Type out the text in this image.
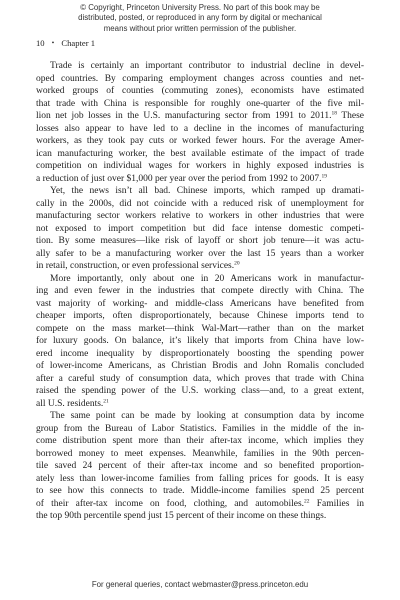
© Copyright, Princeton University Press. No part of this book may be
distributed, posted, or reproduced in any form by digital or mechanical
means without prior written permission of the publisher.
10 • Chapter 1
Trade is certainly an important contributor to industrial decline in devel-
oped countries. By comparing employment changes across counties and net-
worked groups of counties (commuting zones), economists have estimated
that trade with China is responsible for roughly one-quarter of the five mil-
lion net job losses in the U.S. manufacturing sector from 1991 to 2011.18 These
losses also appear to have led to a decline in the incomes of manufacturing
workers, as they took pay cuts or worked fewer hours. For the average Amer-
ican manufacturing worker, the best available estimate of the impact of trade
competition on individual wages for workers in highly exposed industries is
a reduction of just over $1,000 per year over the period from 1992 to 2007.19
Yet, the news isn’t all bad. Chinese imports, which ramped up dramati-
cally in the 2000s, did not coincide with a reduced risk of unemployment for
manufacturing sector workers relative to workers in other industries that were
not exposed to import competition but did face intense domestic competi-
tion. By some measures—like risk of layoff or short job tenure—it was actu-
ally safer to be a manufacturing worker over the last 15 years than a worker
in retail, construction, or even professional services.$^{20}$
More importantly, only about one in 20 Americans work in manufactur-
ing and even fewer in the industries that compete directly with China. The
vast majority of working- and middle-class Americans have benefited from
cheaper imports, often disproportionately, because Chinese imports tend to
compete on the mass market—think Wal-Mart—rather than on the market
for luxury goods. On balance, it’s likely that imports from China have low-
ered income inequality by disproportionately boosting the spending power
of lower-income Americans, as Christian Brodis and John Romalis concluded
after a careful study of consumption data, which proves that trade with China
raised the spending power of the U.S. working class—and, to a great extent,
all U.S. residents.$^{21}$
The same point can be made by looking at consumption data by income
group from the Bureau of Labor Statistics. Families in the middle of the in-
come distribution spent more than their after-tax income, which implies they
borrowed money to meet expenses. Meanwhile, families in the 90th percen-
tile saved 24 percent of their after-tax income and so benefited proportion-
ately less than lower-income families from falling prices for goods. It is easy
to see how this connects to trade. Middle-income families spend 25 percent
of their after-tax income on food, clothing, and automobiles.$^{22}$ Families in
the top 90th percentile spend just 15 percent of their income on these things.
For general queries, contact webmaster@press.princeton.edu
